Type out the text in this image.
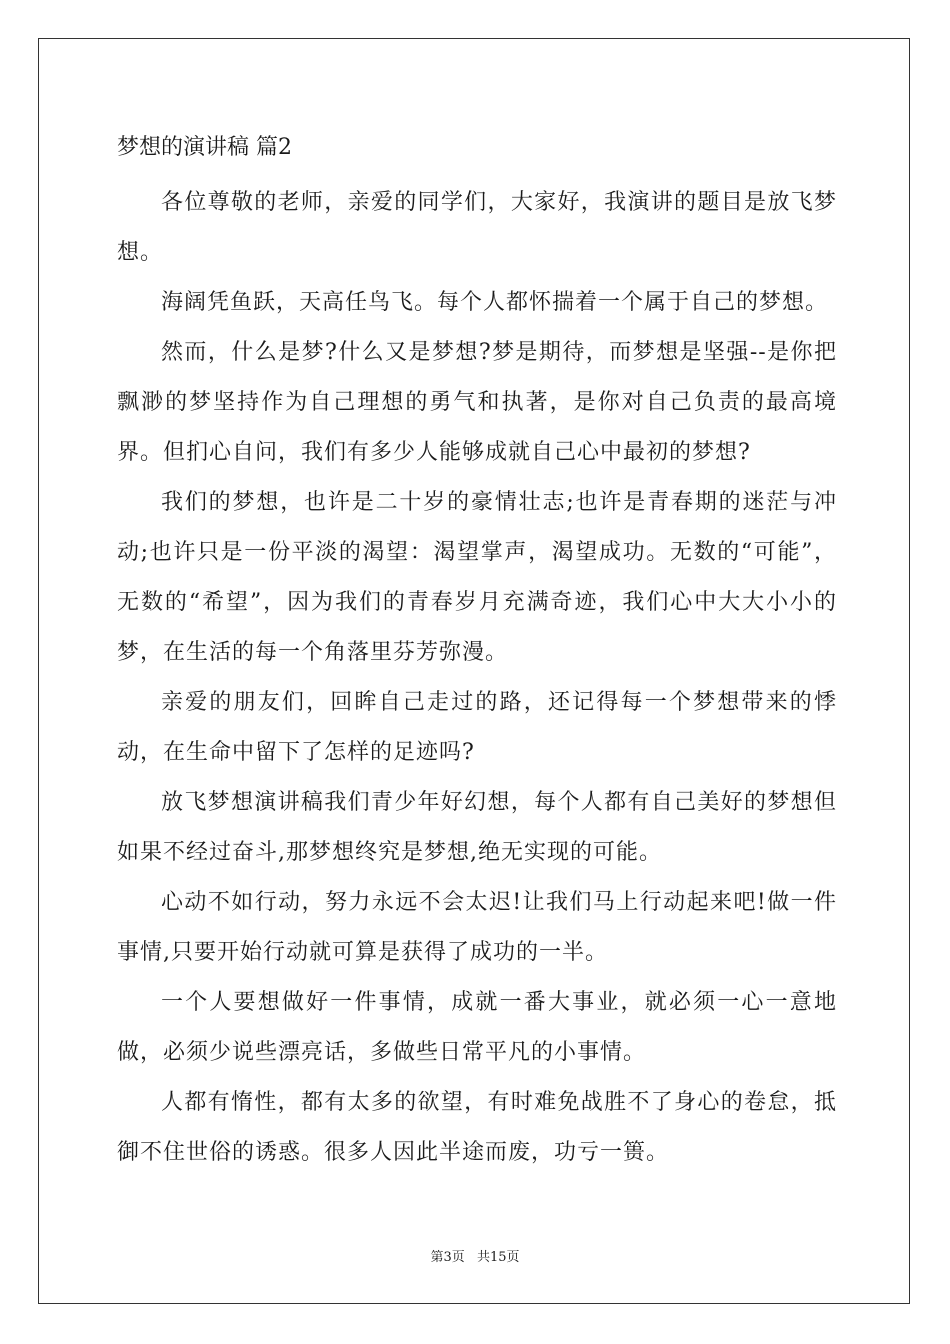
梦想的演讲稿 篇2

各位尊敬的老师，亲爱的同学们，大家好，我演讲的题目是放飞梦想。

海阔凭鱼跃，天高任鸟飞。每个人都怀揣着一个属于自己的梦想。

然而，什么是梦?什么又是梦想?梦是期待，而梦想是坚强--是你把飘渺的梦坚持作为自己理想的勇气和执著，是你对自己负责的最高境界。但扪心自问，我们有多少人能够成就自己心中最初的梦想?

我们的梦想，也许是二十岁的豪情壮志;也许是青春期的迷茫与冲动;也许只是一份平淡的渴望：渴望掌声，渴望成功。无数的“可能”，无数的“希望”，因为我们的青春岁月充满奇迹，我们心中大大小小的梦，在生活的每一个角落里芬芳弥漫。

亲爱的朋友们，回眸自己走过的路，还记得每一个梦想带来的悸动，在生命中留下了怎样的足迹吗?

放飞梦想演讲稿我们青少年好幻想，每个人都有自己美好的梦想但如果不经过奋斗,那梦想终究是梦想,绝无实现的可能。

心动不如行动，努力永远不会太迟!让我们马上行动起来吧!做一件事情,只要开始行动就可算是获得了成功的一半。

一个人要想做好一件事情，成就一番大事业，就必须一心一意地做，必须少说些漂亮话，多做些日常平凡的小事情。

人都有惰性，都有太多的欲望，有时难免战胜不了身心的卷怠，抵御不住世俗的诱惑。很多人因此半途而废，功亏一篑。

第3页 共15页
